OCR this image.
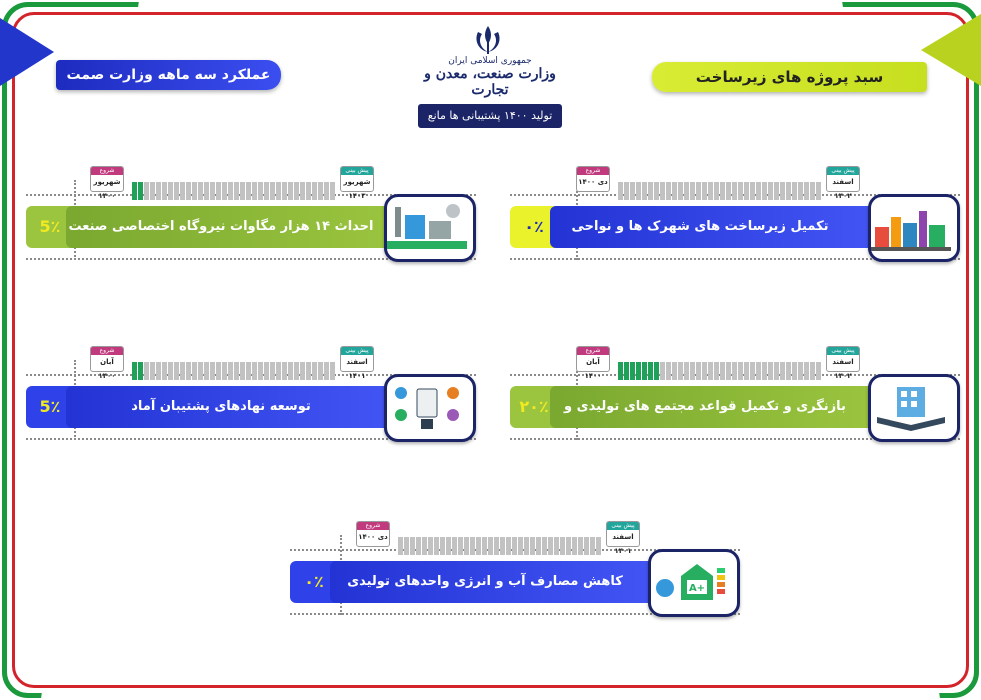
عملکرد سه ماهه وزارت صمت	سبد پروژه های زیرساخت
جمهوری اسلامی ایران
وزارت صنعت، معدن و تجارت
تولید ۱۴۰۰ پشتیبانی ها مانع زدایی ها
شروع
دی ۱۴۰۰
پیش بینی
اسفند ۱۴۰۲
۰٪	تکمیل زیرساخت های شهرک ها و نواحی صنعتی
شروع
شهریور ۱۴۰۰
پیش بینی
شهریور ۱۴۰۳
5٪ احداث ۱۴ هزار مگاوات نیروگاه اختصاصی صنعت و معدن
شروع
آبان ۱۴۰۰
پیش بینی
اسفند ۱۴۰۲
۲۰٪	بازنگری و تکمیل قواعد مجتمع های تولیدی و تجاری
شروع
آبان ۱۴۰۰
پیش بینی
اسفند ۱۴۰۱
5٪	توسعه نهادهای پشتیبان آماد
شروع
دی ۱۴۰۰
پیش بینی
اسفند ۱۴۰۱
۰٪	کاهش مصارف آب و انرژی واحدهای تولیدی	A+
